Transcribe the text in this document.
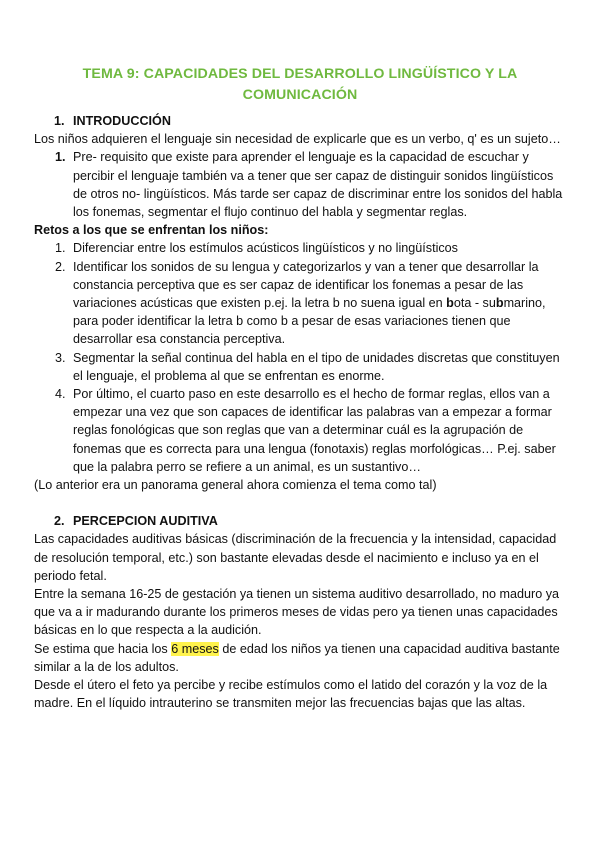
TEMA 9: CAPACIDADES DEL DESARROLLO LINGÜÍSTICO Y LA COMUNICACIÓN
1. INTRODUCCIÓN

Los niños adquieren el lenguaje sin necesidad de explicarle que es un verbo, q' es un sujeto…

1. Pre- requisito que existe para aprender el lenguaje es la capacidad de escuchar y percibir el lenguaje también va a tener que ser capaz de distinguir sonidos lingüísticos de otros no- lingüísticos. Más tarde ser capaz de discriminar entre los sonidos del habla los fonemas, segmentar el flujo continuo del habla y segmentar reglas.

Retos a los que se enfrentan los niños:

1. Diferenciar entre los estímulos acústicos lingüísticos y no lingüísticos
2. Identificar los sonidos de su lengua y categorizarlos y van a tener que desarrollar la constancia perceptiva que es ser capaz de identificar los fonemas a pesar de las variaciones acústicas que existen p.ej. la letra b no suena igual en bota - submarino, para poder identificar la letra b como b a pesar de esas variaciones tienen que desarrollar esa constancia perceptiva.
3. Segmentar la señal continua del habla en el tipo de unidades discretas que constituyen el lenguaje, el problema al que se enfrentan es enorme.
4. Por último, el cuarto paso en este desarrollo es el hecho de formar reglas, ellos van a empezar una vez que son capaces de identificar las palabras van a empezar a formar reglas fonológicas que son reglas que van a determinar cuál es la agrupación de fonemas que es correcta para una lengua (fonotaxis) reglas morfológicas… P.ej. saber que la palabra perro se refiere a un animal, es un sustantivo…

(Lo anterior era un panorama general ahora comienza el tema como tal)

2. PERCEPCION AUDITIVA

Las capacidades auditivas básicas (discriminación de la frecuencia y la intensidad, capacidad de resolución temporal, etc.) son bastante elevadas desde el nacimiento e incluso ya en el periodo fetal.

Entre la semana 16-25 de gestación ya tienen un sistema auditivo desarrollado, no maduro ya que va a ir madurando durante los primeros meses de vidas pero ya tienen unas capacidades básicas en lo que respecta a la audición.

Se estima que hacia los 6 meses de edad los niños ya tienen una capacidad auditiva bastante similar a la de los adultos.

Desde el útero el feto ya percibe y recibe estímulos como el latido del corazón y la voz de la madre. En el líquido intrauterino se transmiten mejor las frecuencias bajas que las altas.
